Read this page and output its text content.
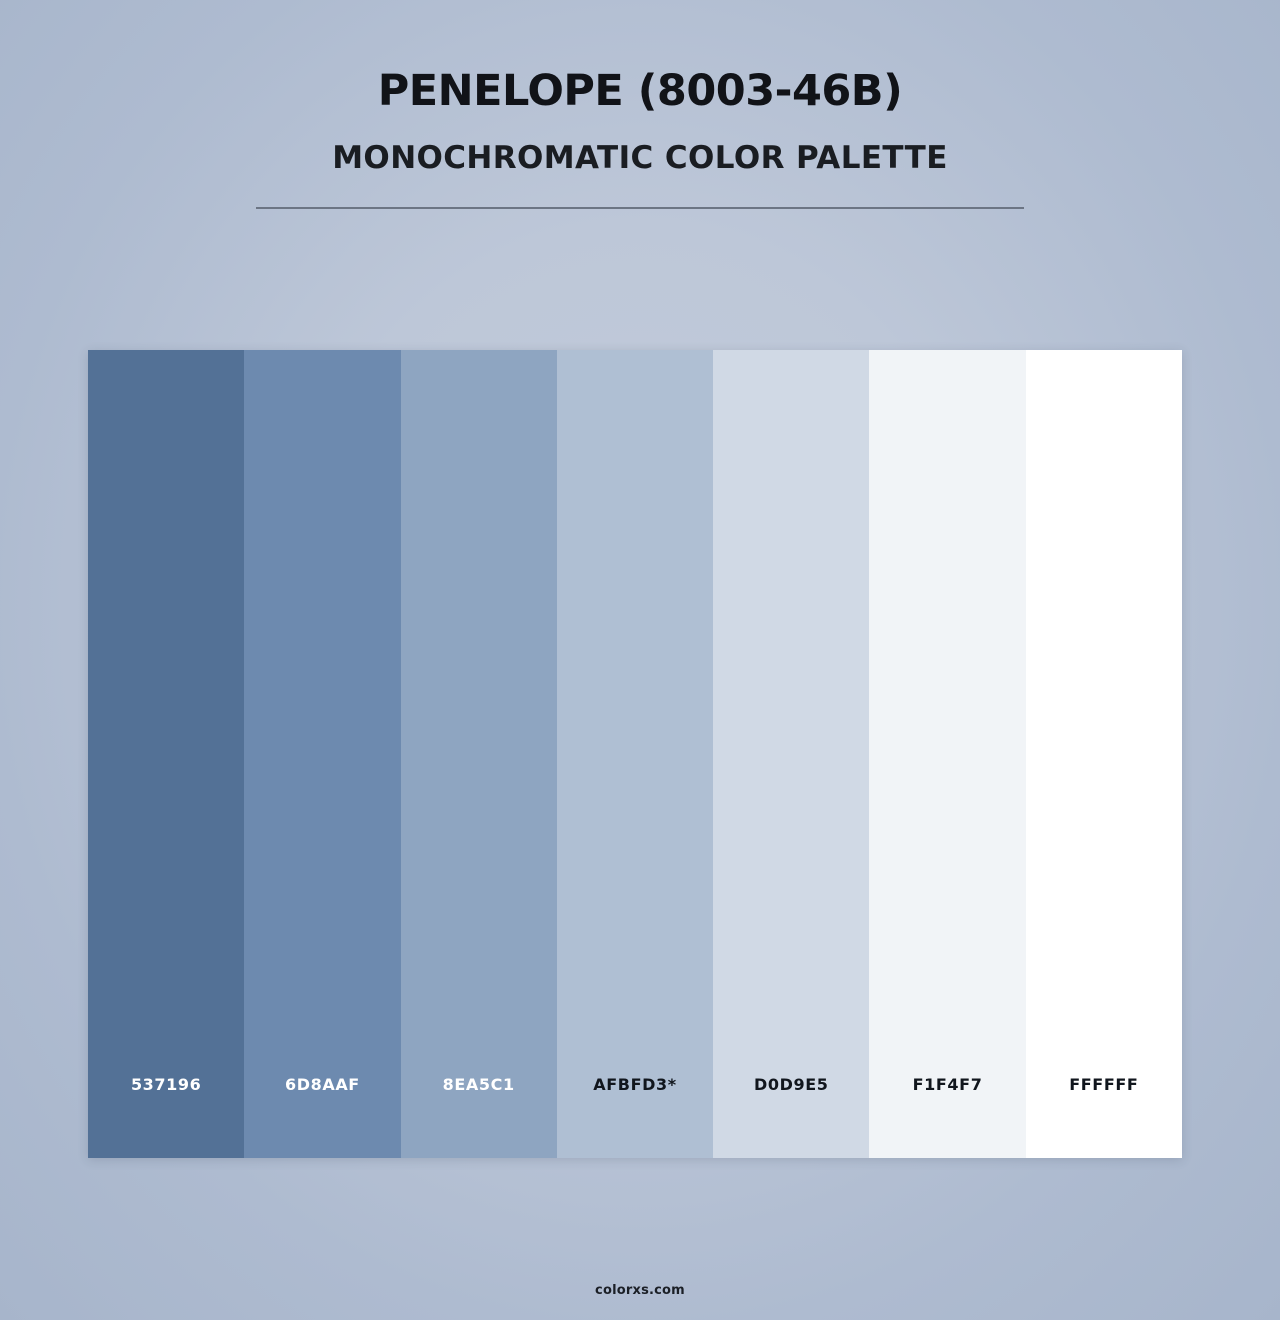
PENELOPE (8003-46B)
MONOCHROMATIC COLOR PALETTE
537196	6D8AAF	8EA5C1	AFBFD3*	D0D9E5	F1F4F7	FFFFFF
colorxs.com
